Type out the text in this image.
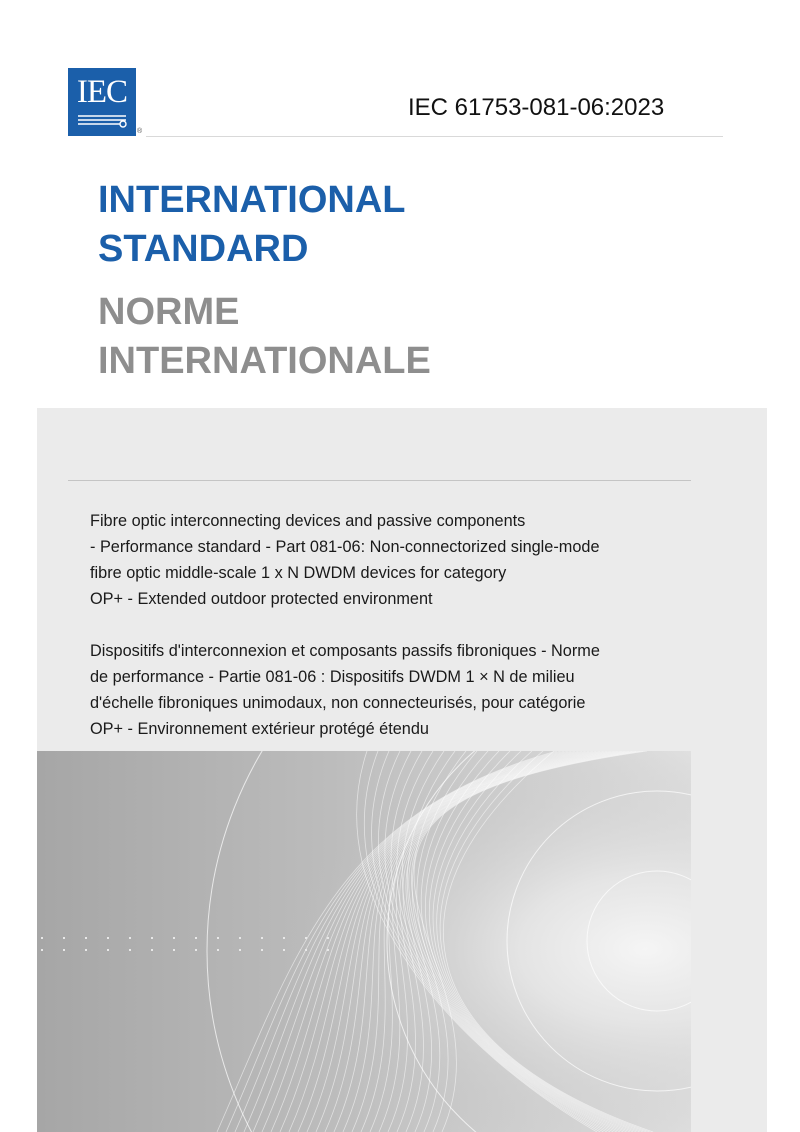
IEC
®
IEC 61753-081-06:2023
INTERNATIONAL
STANDARD
NORME
INTERNATIONALE
Fibre optic interconnecting devices and passive components
- Performance standard - Part 081-06: Non-connectorized single-mode
fibre optic middle-scale 1 x N DWDM devices for category
OP+ - Extended outdoor protected environment
Dispositifs d'interconnexion et composants passifs fibroniques - Norme
de performance - Partie 081-06 : Dispositifs DWDM 1 × N de milieu
d'échelle fibroniques unimodaux, non connecteurisés, pour catégorie
OP+ - Environnement extérieur protégé étendu
